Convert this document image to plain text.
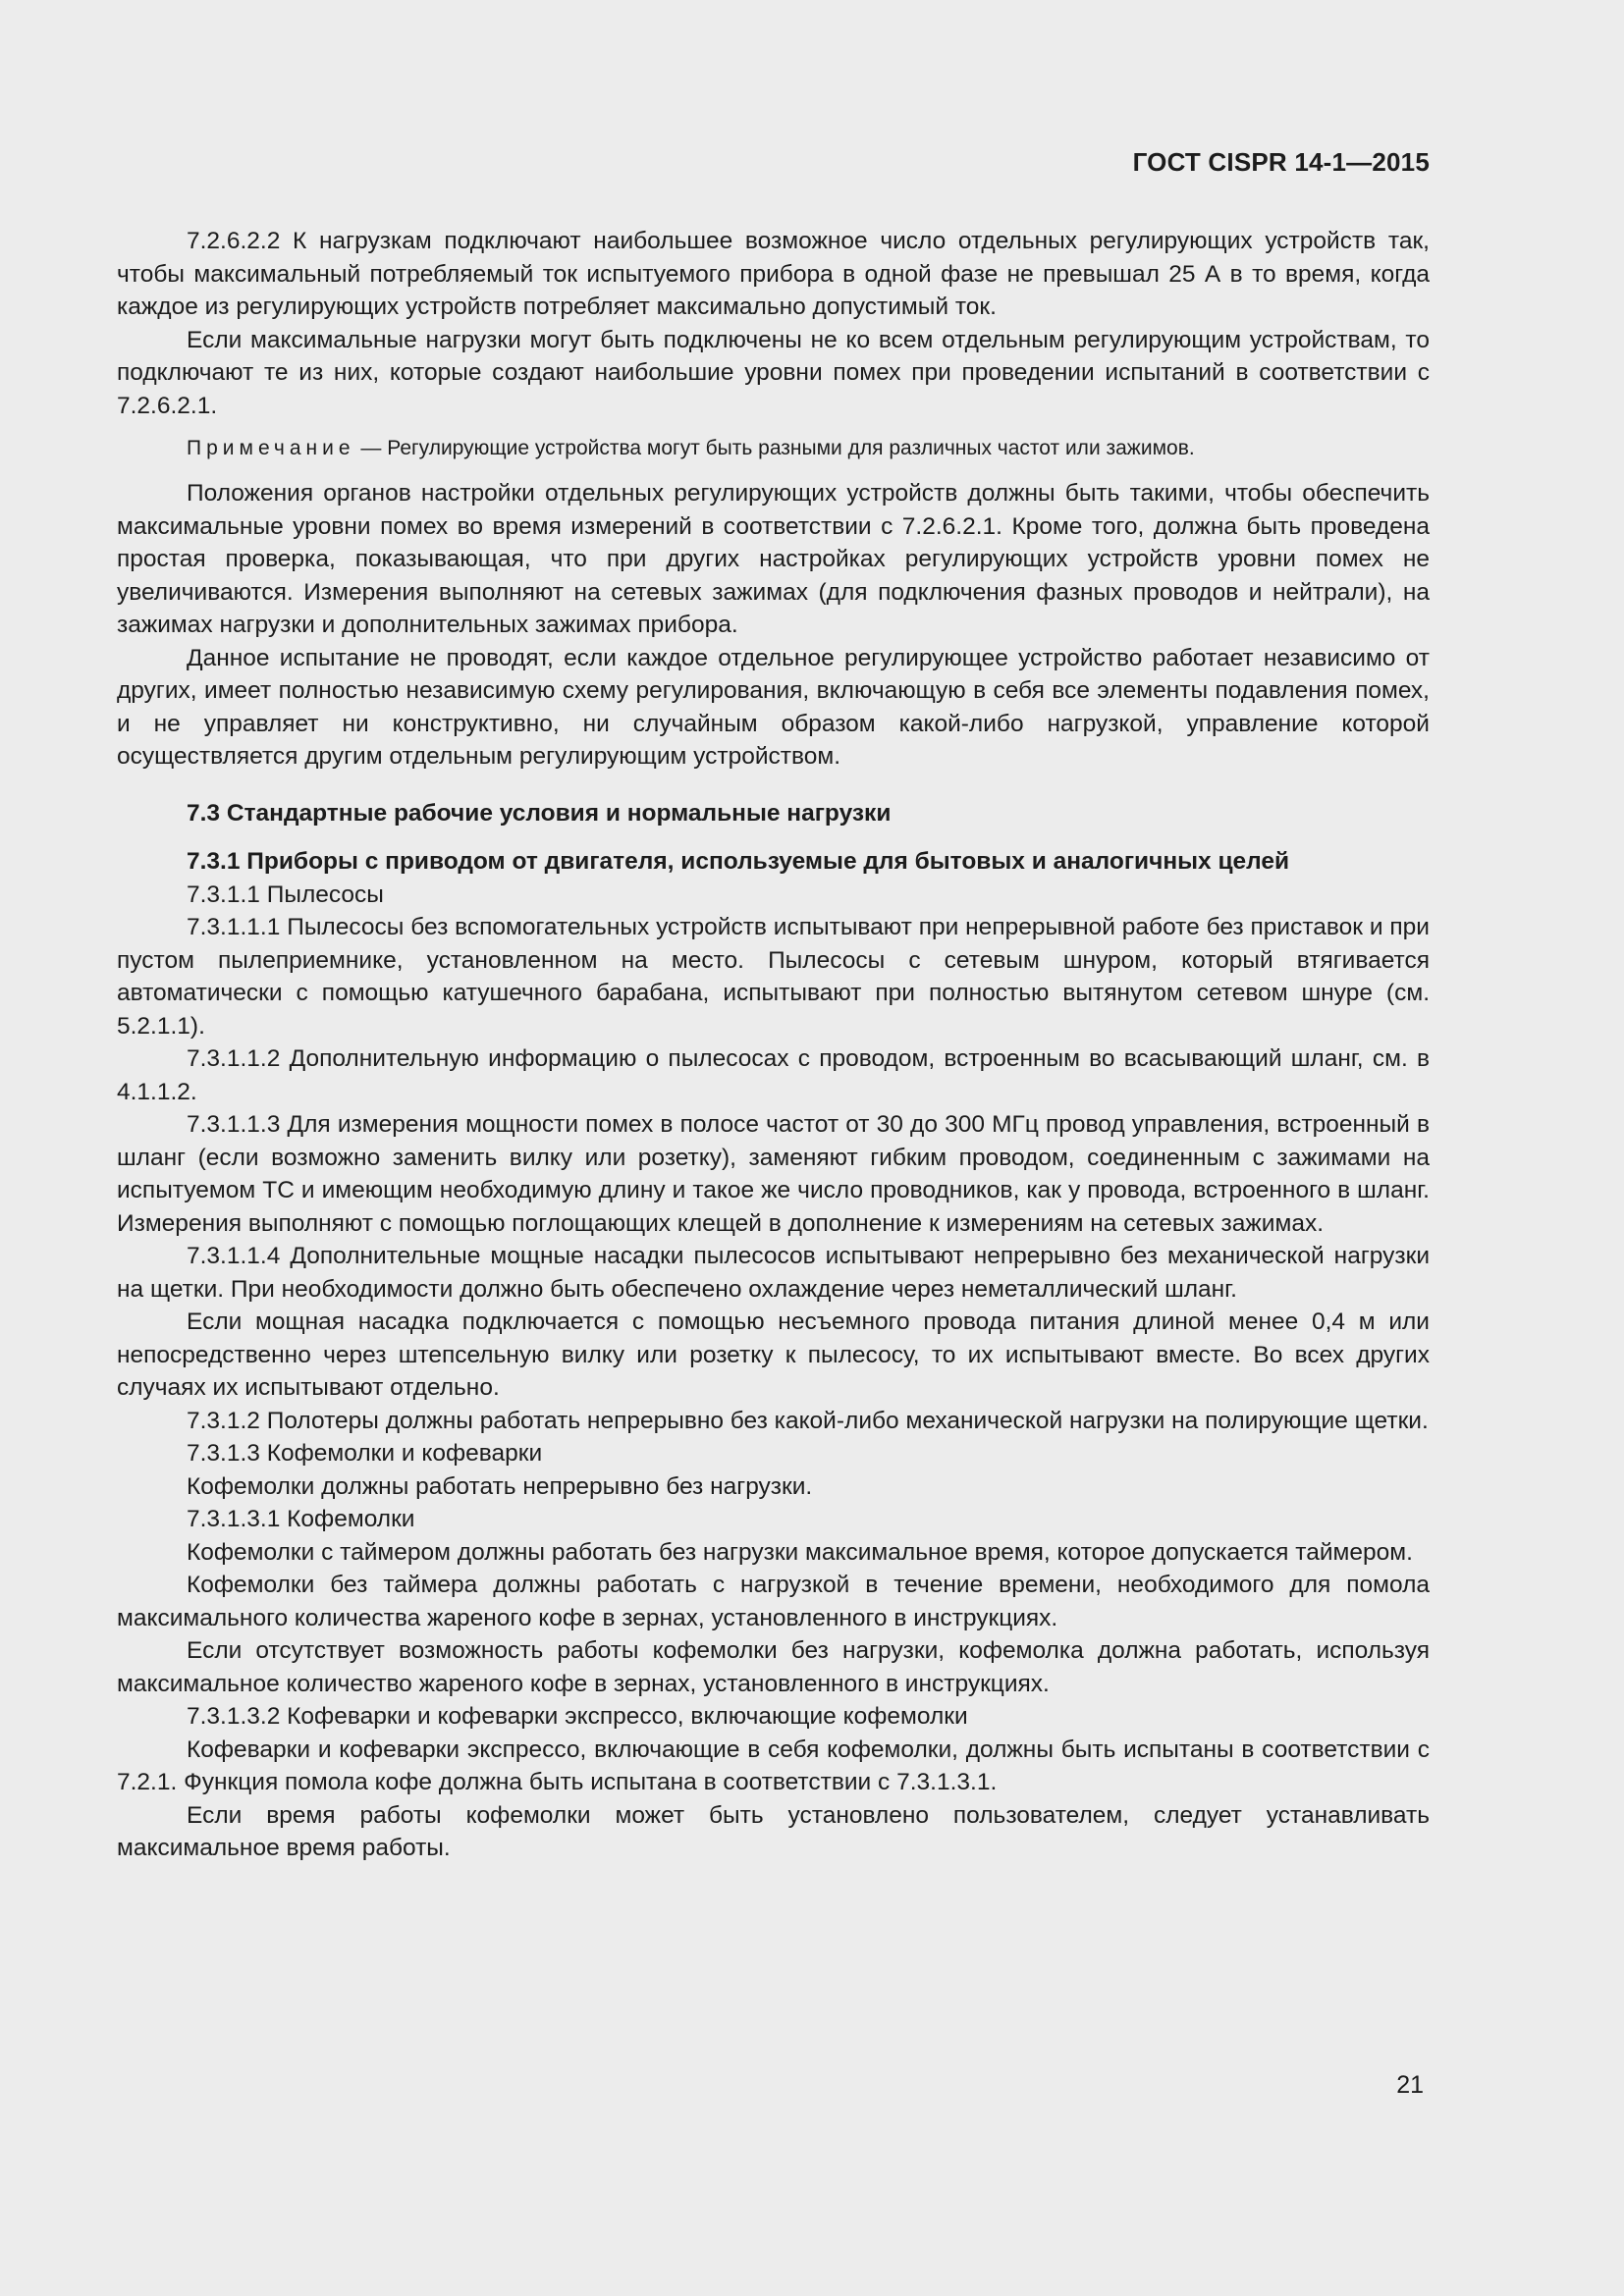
ГОСТ CISPR 14-1—2015

7.2.6.2.2 К нагрузкам подключают наибольшее возможное число отдельных регулирующих устройств так, чтобы максимальный потребляемый ток испытуемого прибора в одной фазе не превышал 25 А в то время, когда каждое из регулирующих устройств потребляет максимально допустимый ток.

Если максимальные нагрузки могут быть подключены не ко всем отдельным регулирующим устройствам, то подключают те из них, которые создают наибольшие уровни помех при проведении испытаний в соответствии с 7.2.6.2.1.

Примечание — Регулирующие устройства могут быть разными для различных частот или зажимов.

Положения органов настройки отдельных регулирующих устройств должны быть такими, чтобы обеспечить максимальные уровни помех во время измерений в соответствии с 7.2.6.2.1. Кроме того, должна быть проведена простая проверка, показывающая, что при других настройках регулирующих устройств уровни помех не увеличиваются. Измерения выполняют на сетевых зажимах (для подключения фазных проводов и нейтрали), на зажимах нагрузки и дополнительных зажимах прибора.

Данное испытание не проводят, если каждое отдельное регулирующее устройство работает независимо от других, имеет полностью независимую схему регулирования, включающую в себя все элементы подавления помех, и не управляет ни конструктивно, ни случайным образом какой-либо нагрузкой, управление которой осуществляется другим отдельным регулирующим устройством.

7.3 Стандартные рабочие условия и нормальные нагрузки

7.3.1 Приборы с приводом от двигателя, используемые для бытовых и аналогичных целей

7.3.1.1 Пылесосы

7.3.1.1.1 Пылесосы без вспомогательных устройств испытывают при непрерывной работе без приставок и при пустом пылеприемнике, установленном на место. Пылесосы с сетевым шнуром, который втягивается автоматически с помощью катушечного барабана, испытывают при полностью вытянутом сетевом шнуре (см. 5.2.1.1).

7.3.1.1.2 Дополнительную информацию о пылесосах с проводом, встроенным во всасывающий шланг, см. в 4.1.1.2.

7.3.1.1.3 Для измерения мощности помех в полосе частот от 30 до 300 МГц провод управления, встроенный в шланг (если возможно заменить вилку или розетку), заменяют гибким проводом, соединенным с зажимами на испытуемом ТС и имеющим необходимую длину и такое же число проводников, как у провода, встроенного в шланг. Измерения выполняют с помощью поглощающих клещей в дополнение к измерениям на сетевых зажимах.

7.3.1.1.4 Дополнительные мощные насадки пылесосов испытывают непрерывно без механической нагрузки на щетки. При необходимости должно быть обеспечено охлаждение через неметаллический шланг.

Если мощная насадка подключается с помощью несъемного провода питания длиной менее 0,4 м или непосредственно через штепсельную вилку или розетку к пылесосу, то их испытывают вместе. Во всех других случаях их испытывают отдельно.

7.3.1.2 Полотеры должны работать непрерывно без какой-либо механической нагрузки на полирующие щетки.

7.3.1.3 Кофемолки и кофеварки

Кофемолки должны работать непрерывно без нагрузки.

7.3.1.3.1 Кофемолки

Кофемолки с таймером должны работать без нагрузки максимальное время, которое допускается таймером.

Кофемолки без таймера должны работать с нагрузкой в течение времени, необходимого для помола максимального количества жареного кофе в зернах, установленного в инструкциях.

Если отсутствует возможность работы кофемолки без нагрузки, кофемолка должна работать, используя максимальное количество жареного кофе в зернах, установленного в инструкциях.

7.3.1.3.2 Кофеварки и кофеварки экспрессо, включающие кофемолки

Кофеварки и кофеварки экспрессо, включающие в себя кофемолки, должны быть испытаны в соответствии с 7.2.1. Функция помола кофе должна быть испытана в соответствии с 7.3.1.3.1.

Если время работы кофемолки может быть установлено пользователем, следует устанавливать максимальное время работы.

21
